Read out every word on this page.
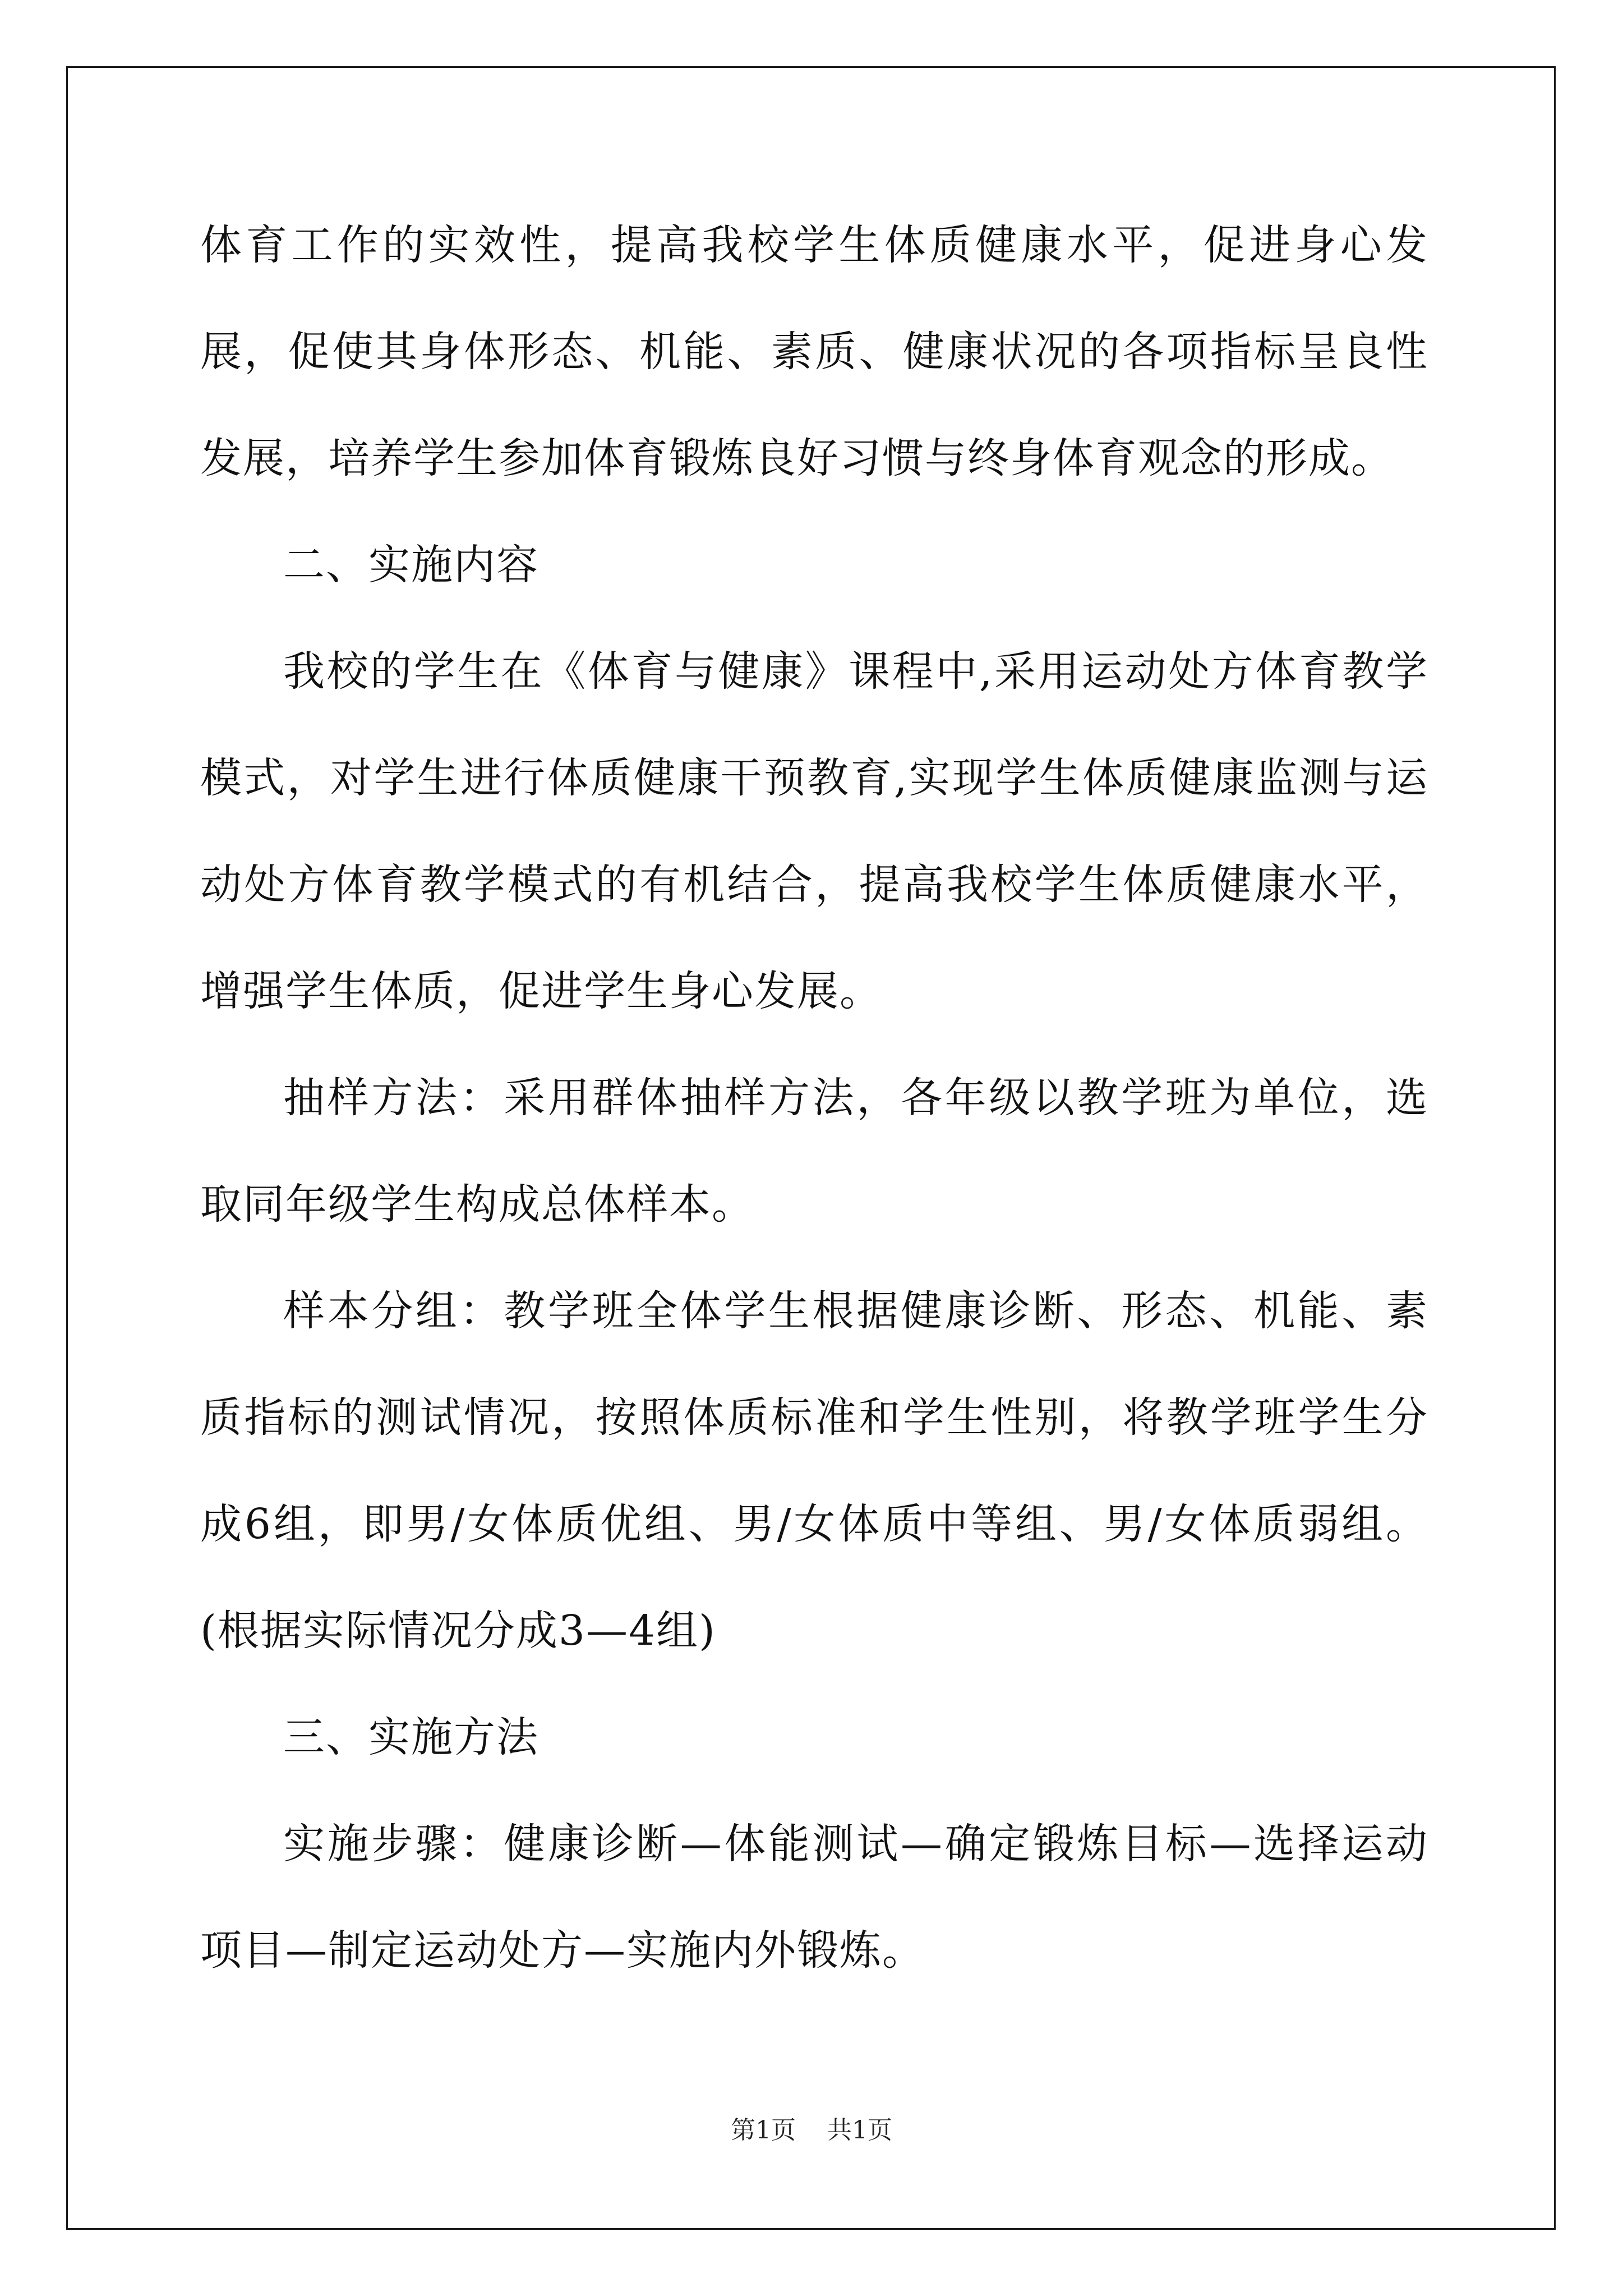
体育工作的实效性，提高我校学生体质健康水平，促进身心发展，促使其身体形态、机能、素质、健康状况的各项指标呈良性发展，培养学生参加体育锻炼良好习惯与终身体育观念的形成。

二、实施内容

我校的学生在《体育与健康》课程中,采用运动处方体育教学模式，对学生进行体质健康干预教育,实现学生体质健康监测与运动处方体育教学模式的有机结合，提高我校学生体质健康水平，增强学生体质，促进学生身心发展。

抽样方法：采用群体抽样方法，各年级以教学班为单位，选取同年级学生构成总体样本。

样本分组：教学班全体学生根据健康诊断、形态、机能、素质指标的测试情况，按照体质标准和学生性别，将教学班学生分成6组，即男/女体质优组、男/女体质中等组、男/女体质弱组。(根据实际情况分成3—4组)

三、实施方法

实施步骤：健康诊断—体能测试—确定锻炼目标—选择运动项目—制定运动处方—实施内外锻炼。

第1页 共1页
